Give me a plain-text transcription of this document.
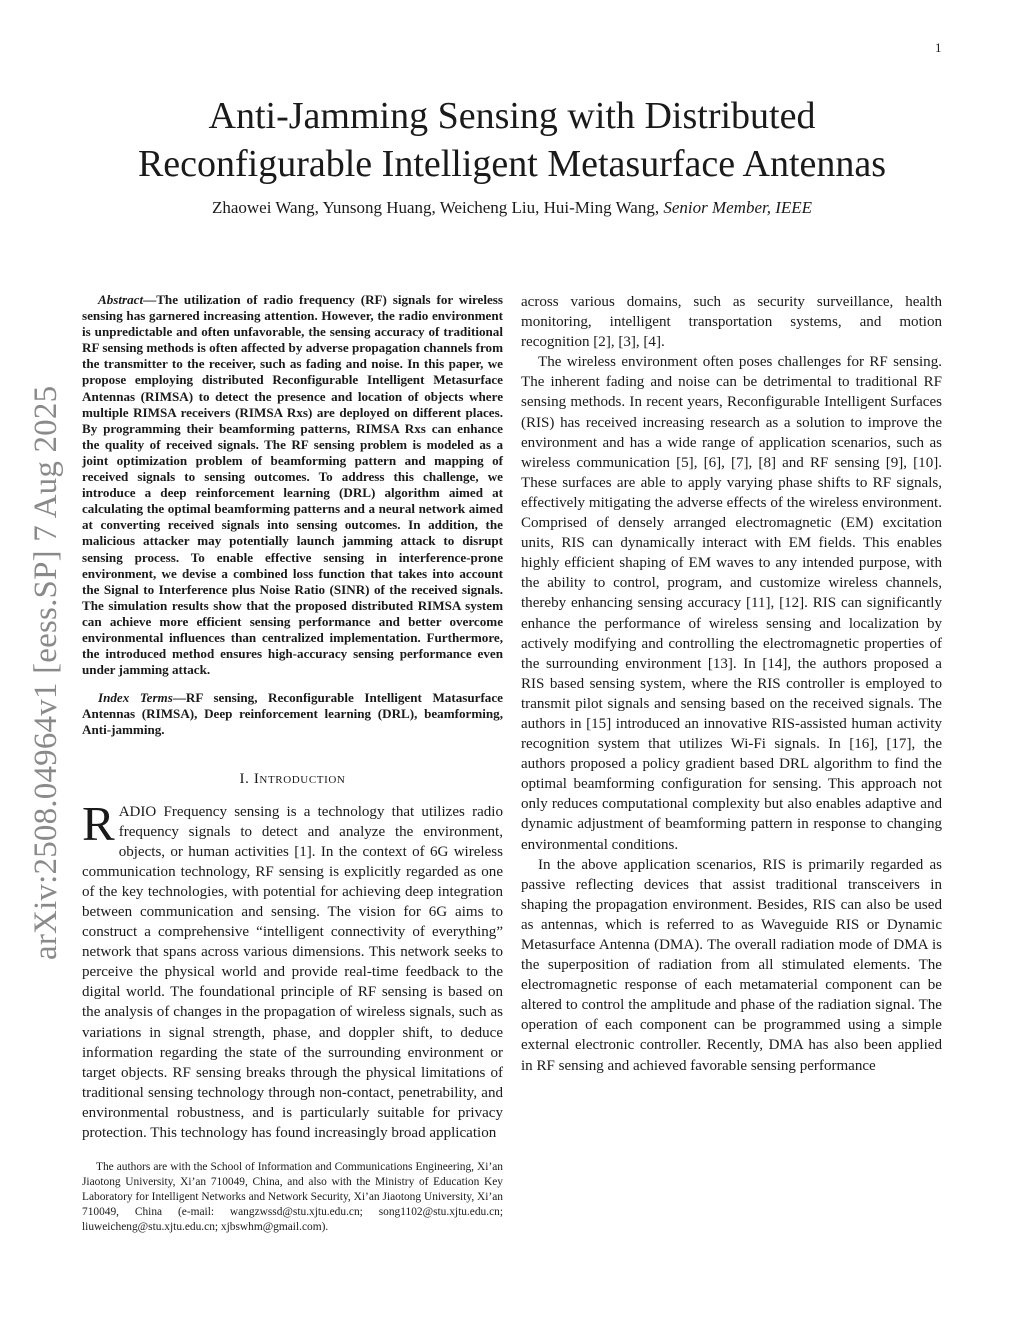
1
Anti-Jamming Sensing with Distributed
Reconfigurable Intelligent Metasurface Antennas
Zhaowei Wang, Yunsong Huang, Weicheng Liu, Hui-Ming Wang, Senior Member, IEEE
arXiv:2508.04964v1 [eess.SP] 7 Aug 2025

Abstract—The utilization of radio frequency (RF) signals for wireless sensing has garnered increasing attention. However, the radio environment is unpredictable and often unfavorable, the sensing accuracy of traditional RF sensing methods is often affected by adverse propagation channels from the transmitter to the receiver, such as fading and noise. In this paper, we propose employing distributed Reconfigurable Intelligent Metasurface Antennas (RIMSA) to detect the presence and location of objects where multiple RIMSA receivers (RIMSA Rxs) are deployed on different places. By programming their beamforming patterns, RIMSA Rxs can enhance the quality of received signals. The RF sensing problem is modeled as a joint optimization problem of beamforming pattern and mapping of received signals to sensing outcomes. To address this challenge, we introduce a deep reinforcement learning (DRL) algorithm aimed at calculating the optimal beamforming patterns and a neural network aimed at converting received signals into sensing outcomes. In addition, the malicious attacker may potentially launch jamming attack to disrupt sensing process. To enable effective sensing in interference-prone environment, we devise a combined loss function that takes into account the Signal to Interference plus Noise Ratio (SINR) of the received signals. The simulation results show that the proposed distributed RIMSA system can achieve more efficient sensing performance and better overcome environmental influences than centralized implementation. Furthermore, the introduced method ensures high-accuracy sensing performance even under jamming attack.

Index Terms—RF sensing, Reconfigurable Intelligent Matasurface Antennas (RIMSA), Deep reinforcement learning (DRL), beamforming, Anti-jamming.

I. Introduction

RADIO Frequency sensing is a technology that utilizes radio frequency signals to detect and analyze the environment, objects, or human activities [1]. In the context of 6G wireless communication technology, RF sensing is explicitly regarded as one of the key technologies, with potential for achieving deep integration between communication and sensing. The vision for 6G aims to construct a comprehensive “intelligent connectivity of everything” network that spans across various dimensions. This network seeks to perceive the physical world and provide real-time feedback to the digital world. The foundational principle of RF sensing is based on the analysis of changes in the propagation of wireless signals, such as variations in signal strength, phase, and doppler shift, to deduce information regarding the state of the surrounding environment or target objects. RF sensing breaks through the physical limitations of traditional sensing technology through non-contact, penetrability, and environmental robustness, and is particularly suitable for privacy protection. This technology has found increasingly broad application

across various domains, such as security surveillance, health monitoring, intelligent transportation systems, and motion recognition [2], [3], [4].

The wireless environment often poses challenges for RF sensing. The inherent fading and noise can be detrimental to traditional RF sensing methods. In recent years, Reconfigurable Intelligent Surfaces (RIS) has received increasing research as a solution to improve the environment and has a wide range of application scenarios, such as wireless communication [5], [6], [7], [8] and RF sensing [9], [10]. These surfaces are able to apply varying phase shifts to RF signals, effectively mitigating the adverse effects of the wireless environment. Comprised of densely arranged electromagnetic (EM) excitation units, RIS can dynamically interact with EM fields. This enables highly efficient shaping of EM waves to any intended purpose, with the ability to control, program, and customize wireless channels, thereby enhancing sensing accuracy [11], [12]. RIS can significantly enhance the performance of wireless sensing and localization by actively modifying and controlling the electromagnetic properties of the surrounding environment [13]. In [14], the authors proposed a RIS based sensing system, where the RIS controller is employed to transmit pilot signals and sensing based on the received signals. The authors in [15] introduced an innovative RIS-assisted human activity recognition system that utilizes Wi-Fi signals. In [16], [17], the authors proposed a policy gradient based DRL algorithm to find the optimal beamforming configuration for sensing. This approach not only reduces computational complexity but also enables adaptive and dynamic adjustment of beamforming pattern in response to changing environmental conditions.

In the above application scenarios, RIS is primarily regarded as passive reflecting devices that assist traditional transceivers in shaping the propagation environment. Besides, RIS can also be used as antennas, which is referred to as Waveguide RIS or Dynamic Metasurface Antenna (DMA). The overall radiation mode of DMA is the superposition of radiation from all stimulated elements. The electromagnetic response of each metamaterial component can be altered to control the amplitude and phase of the radiation signal. The operation of each component can be programmed using a simple external electronic controller. Recently, DMA has also been applied in RF sensing and achieved favorable sensing performance

The authors are with the School of Information and Communications Engineering, Xi’an Jiaotong University, Xi’an 710049, China, and also with the Ministry of Education Key Laboratory for Intelligent Networks and Network Security, Xi’an Jiaotong University, Xi’an 710049, China (e-mail: wangzwssd@stu.xjtu.edu.cn; song1102@stu.xjtu.edu.cn; liuweicheng@stu.xjtu.edu.cn; xjbswhm@gmail.com).
